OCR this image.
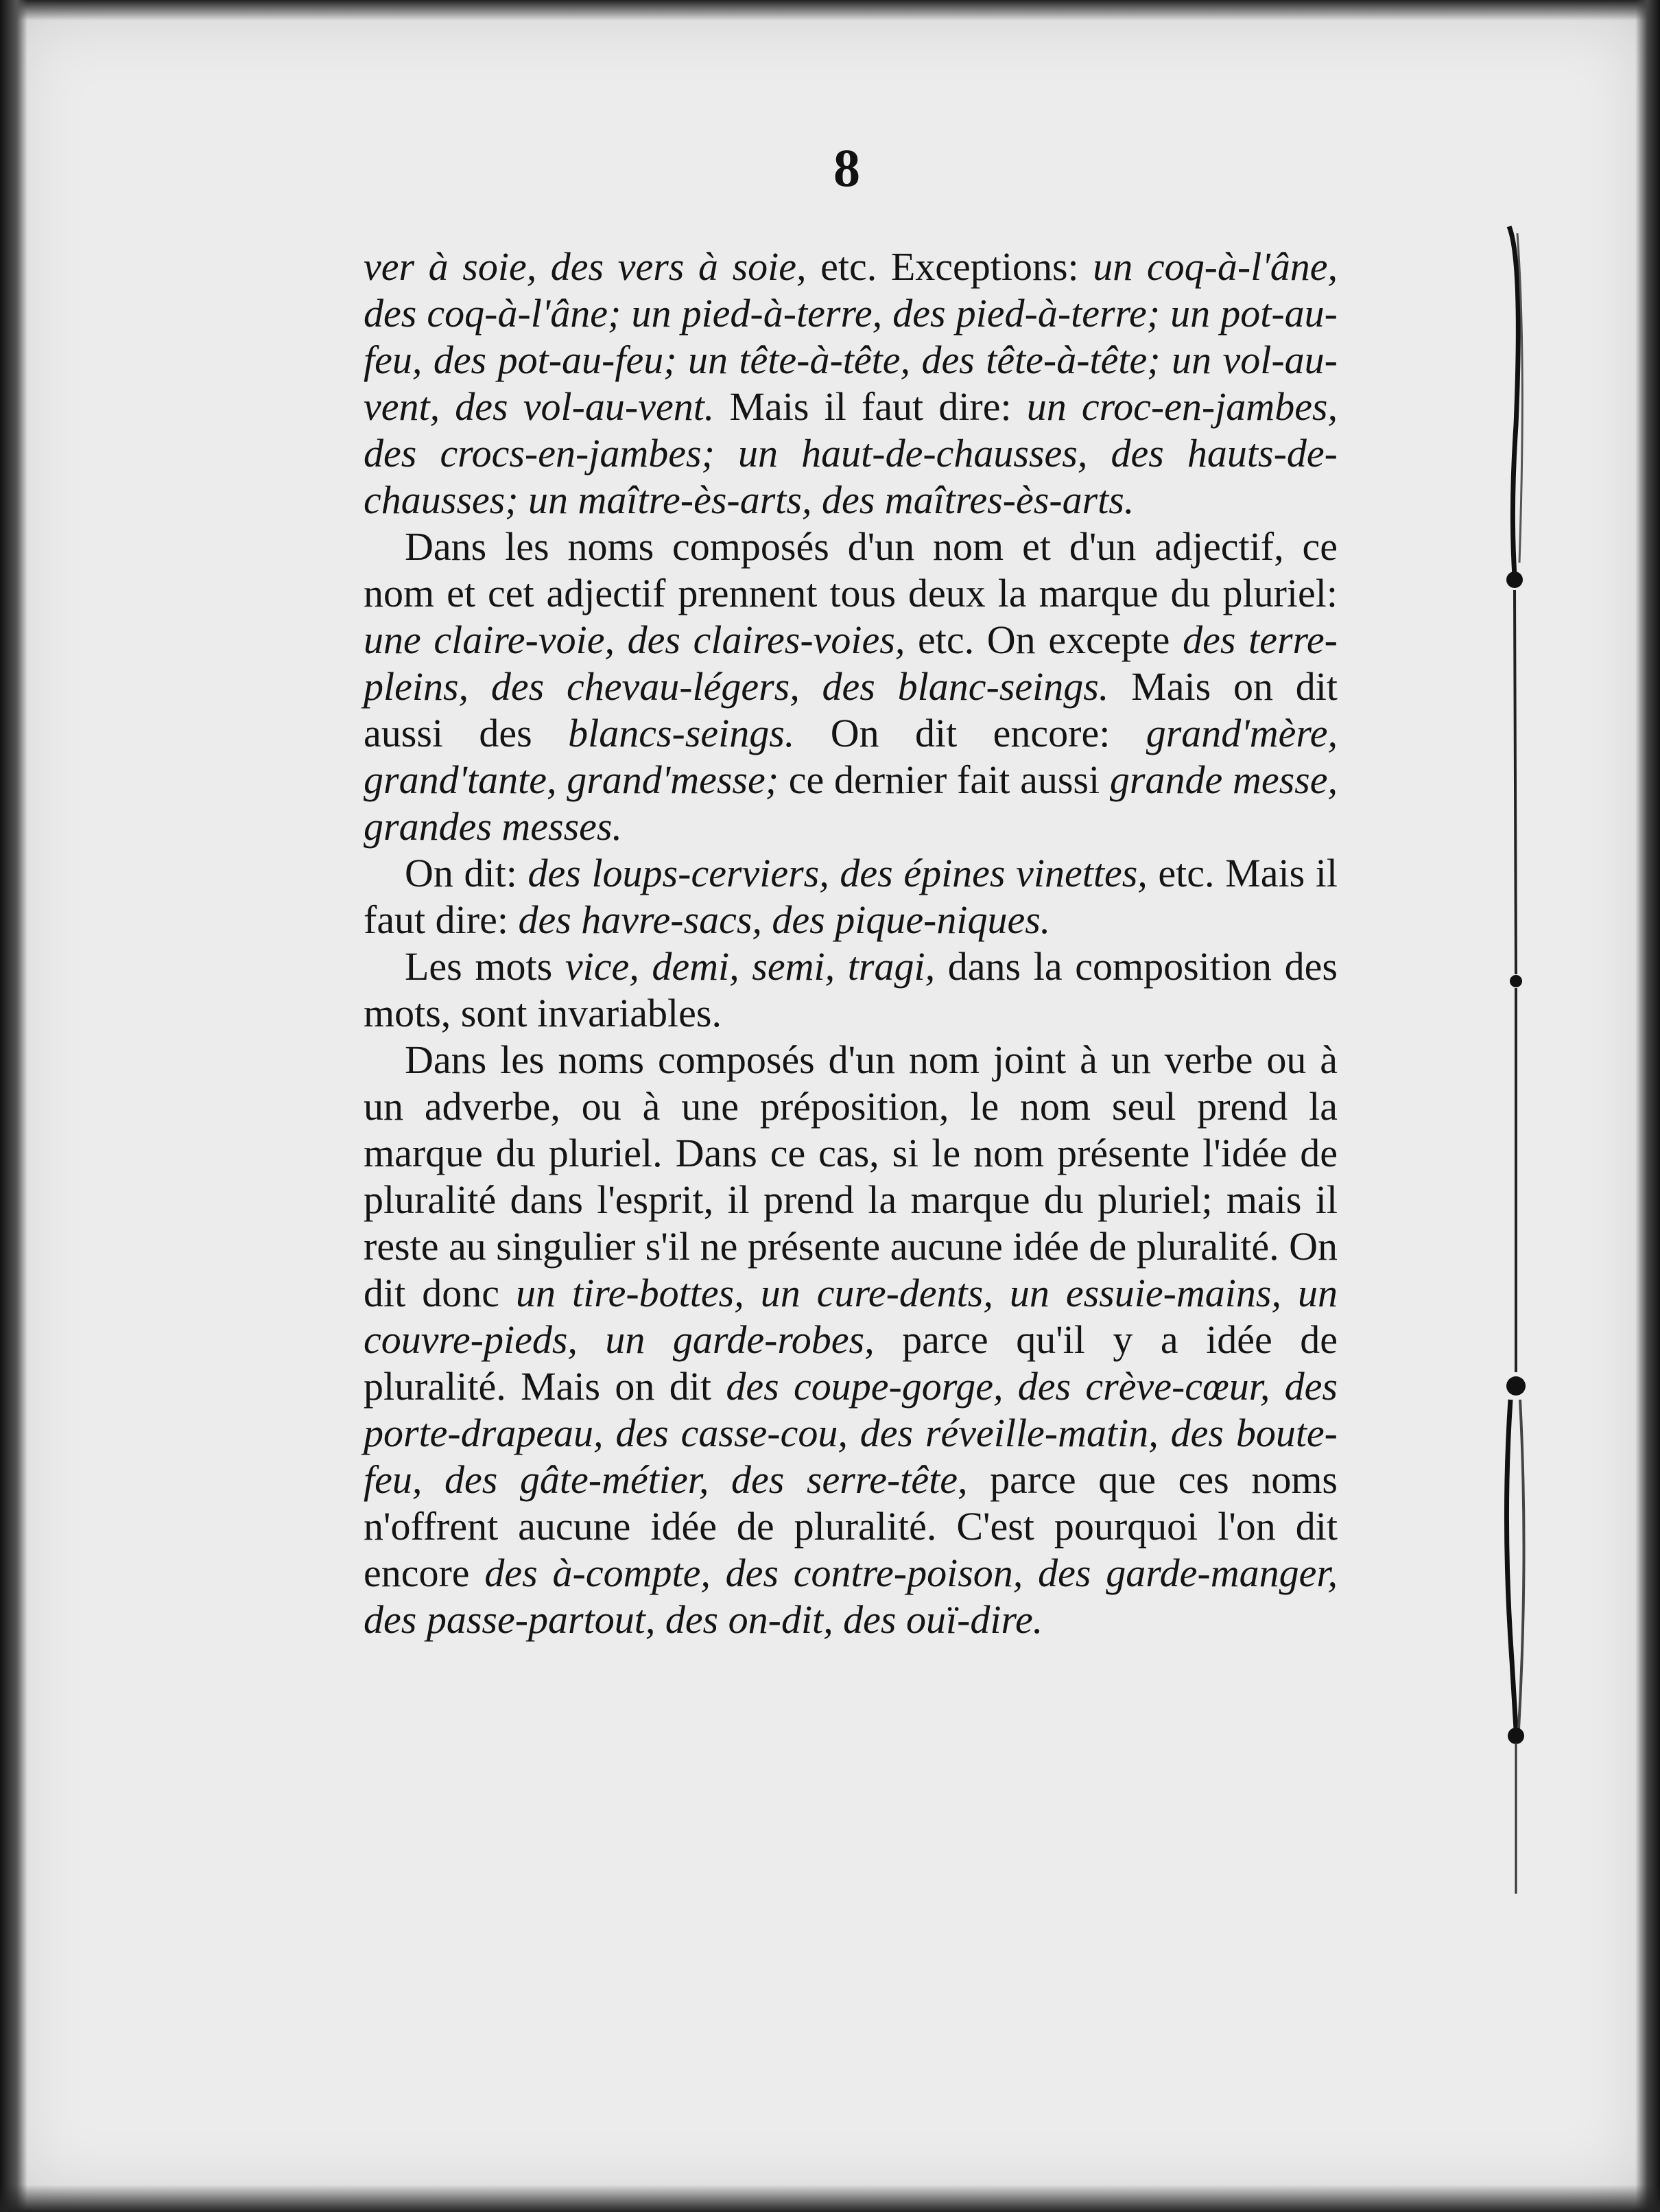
8

ver à soie, des vers à soie, etc. Exceptions: un coq-à-l'âne, des coq-à-l'âne; un pied-à-terre, des pied-à-terre; un pot-au-feu, des pot-au-feu; un tête-à-tête, des tête-à-tête; un vol-au-vent, des vol-au-vent. Mais il faut dire: un croc-en-jambes, des crocs-en-jambes; un haut-de-chausses, des hauts-de-chausses; un maître-ès-arts, des maîtres-ès-arts.

Dans les noms composés d'un nom et d'un adjectif, ce nom et cet adjectif prennent tous deux la marque du pluriel: une claire-voie, des claires-voies, etc. On excepte des terre-pleins, des chevau-légers, des blanc-seings. Mais on dit aussi des blancs-seings. On dit encore: grand'mère, grand'tante, grand'messe; ce dernier fait aussi grande messe, grandes messes.

On dit: des loups-cerviers, des épines vinettes, etc. Mais il faut dire: des havre-sacs, des pique-niques.

Les mots vice, demi, semi, tragi, dans la composition des mots, sont invariables.

Dans les noms composés d'un nom joint à un verbe ou à un adverbe, ou à une préposition, le nom seul prend la marque du pluriel. Dans ce cas, si le nom présente l'idée de pluralité dans l'esprit, il prend la marque du pluriel; mais il reste au singulier s'il ne présente aucune idée de pluralité. On dit donc un tire-bottes, un cure-dents, un essuie-mains, un couvre-pieds, un garde-robes, parce qu'il y a idée de pluralité. Mais on dit des coupe-gorge, des crève-cœur, des porte-drapeau, des casse-cou, des réveille-matin, des boute-feu, des gâte-métier, des serre-tête, parce que ces noms n'offrent aucune idée de pluralité. C'est pourquoi l'on dit encore des à-compte, des contre-poison, des garde-manger, des passe-partout, des on-dit, des ouï-dire.
